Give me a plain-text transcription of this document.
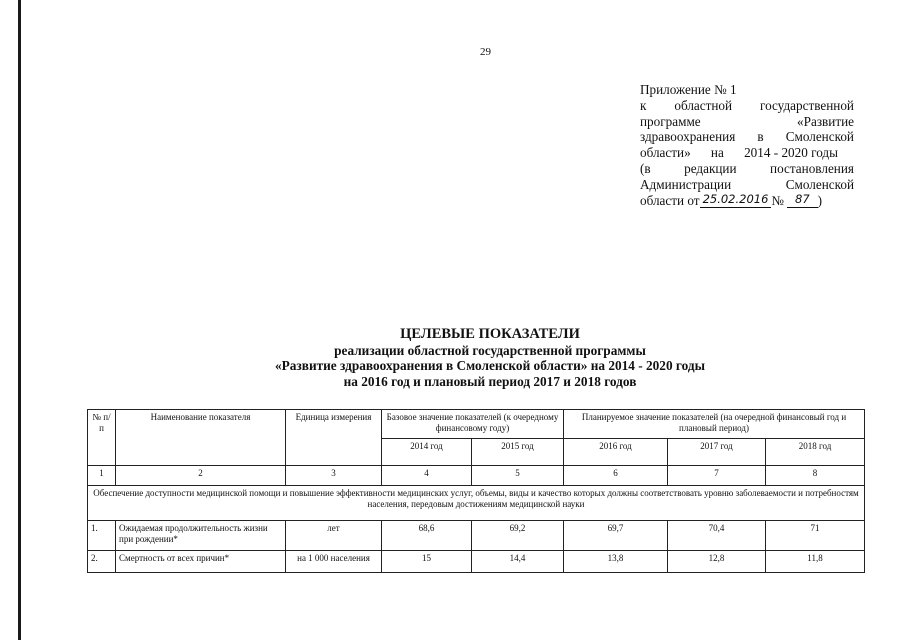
29
Приложение № 1
к областной государственной
программе	«Развитие
здравоохранения в Смоленской
области» на 2014 - 2020 годы
(в	редакции	постановления
Администрации	Смоленской
области от 25.02.2016 № 87 )
ЦЕЛЕВЫЕ ПОКАЗАТЕЛИ
реализации областной государственной программы
«Развитие здравоохранения в Смоленской области» на 2014 - 2020 годы
на 2016 год и плановый период 2017 и 2018 годов
№ п/п	Наименование показателя	Единица измерения	Базовое значение показателей (к очередному финансовому году)		Планируемое значение показателей (на очередной финансовый год и плановый период)		
			2014 год	2015 год	2016 год	2017 год	2018 год
1	2	3	4	5	6	7	8
Обеспечение доступности медицинской помощи и повышение эффективности медицинских услуг, объемы, виды и качество которых должны соответствовать уровню заболеваемости и потребностям населения, передовым достижениям медицинской науки							
1.	Ожидаемая продолжительность жизни при рождении*	лет	68,6	69,2	69,7	70,4	71
2.	Смертность от всех причин*	на 1 000 населения	15	14,4	13,8	12,8	11,8
